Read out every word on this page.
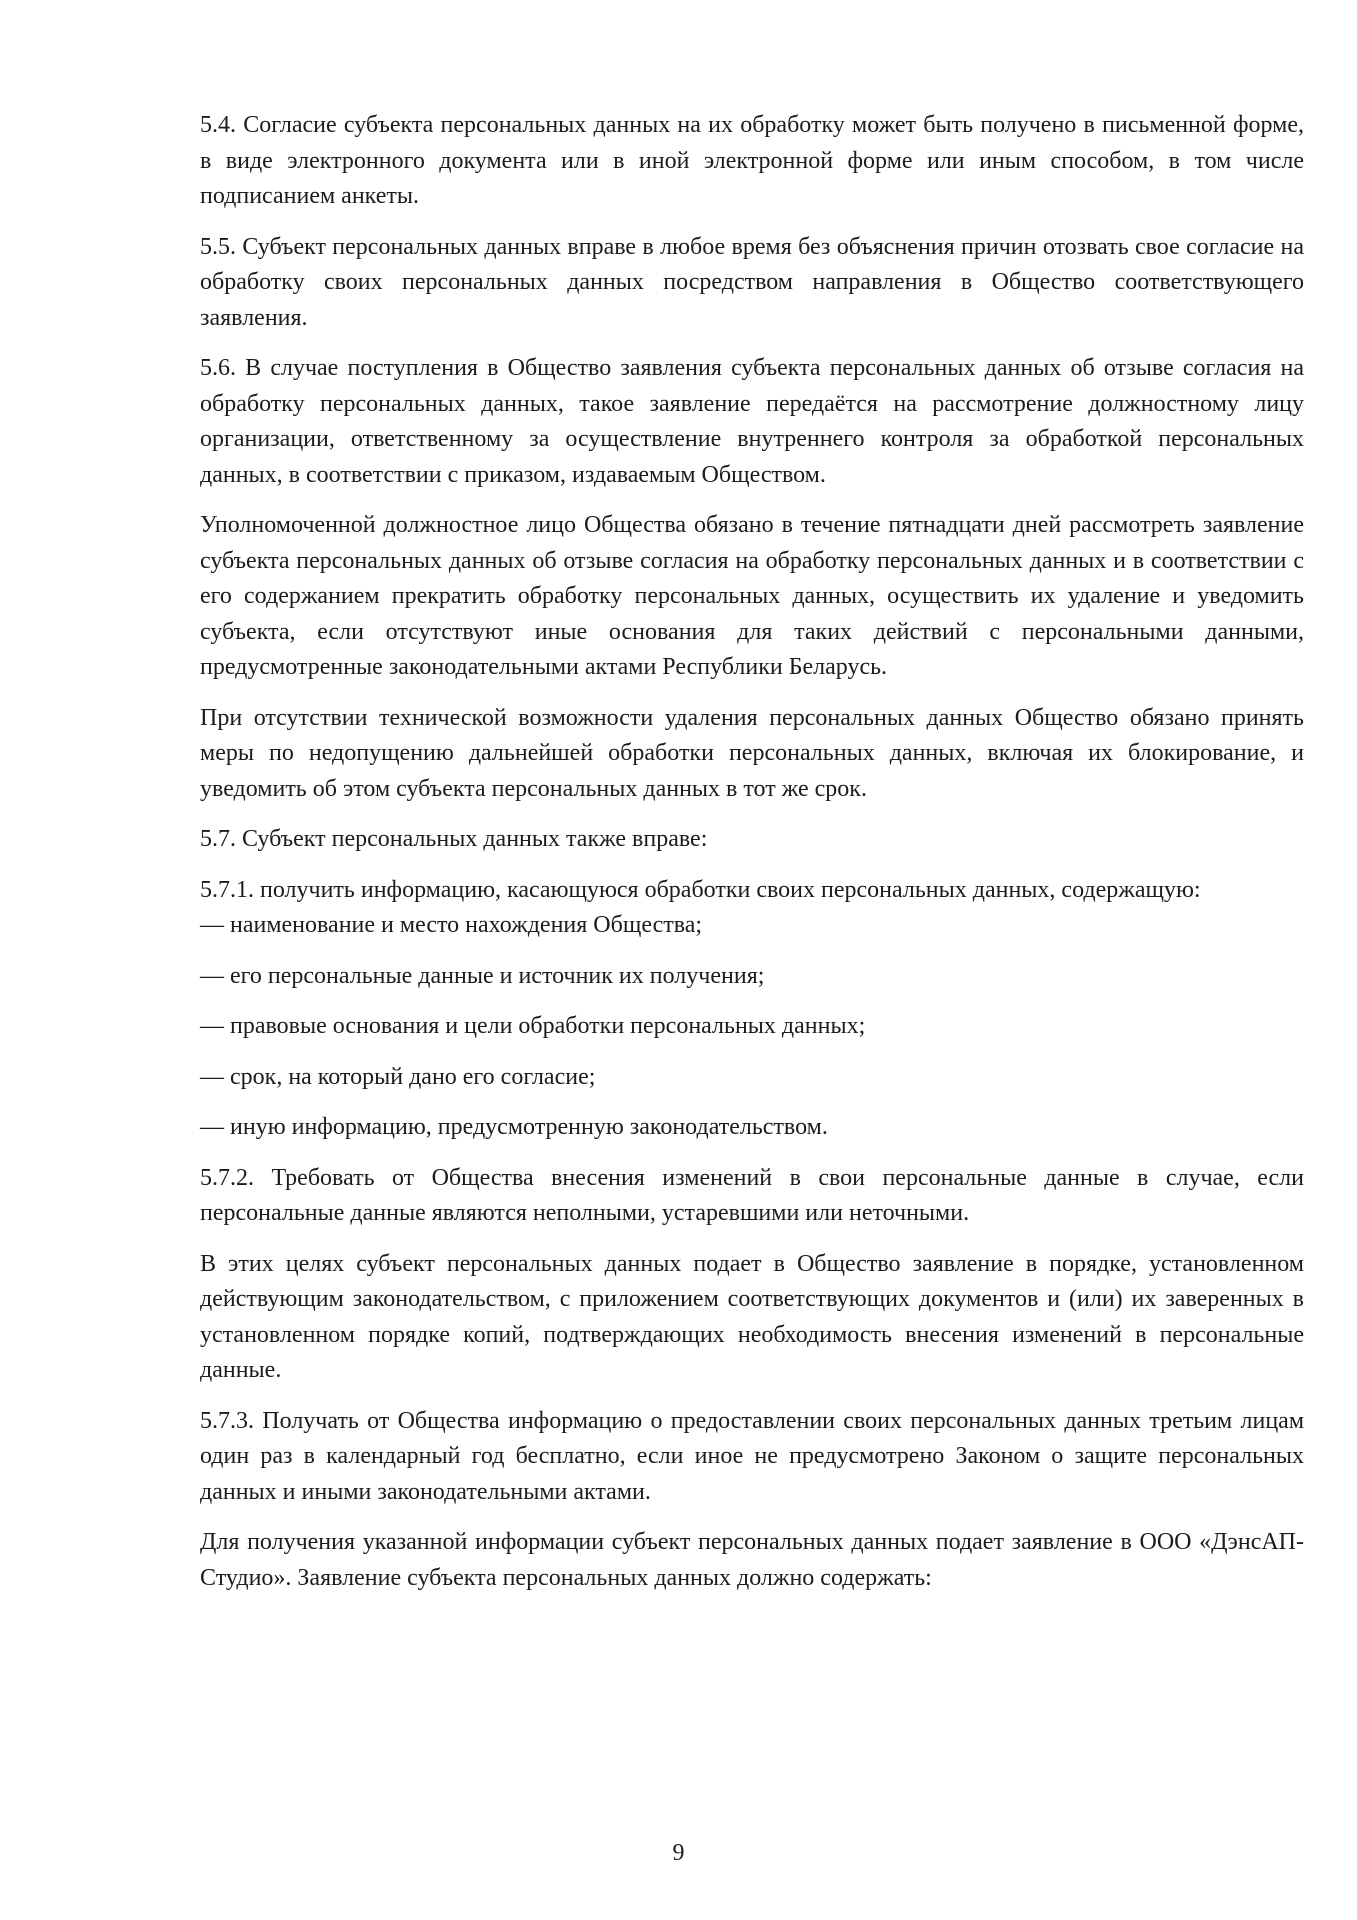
5.4. Согласие субъекта персональных данных на их обработку может быть получено в письменной форме, в виде электронного документа или в иной электронной форме или иным способом, в том числе подписанием анкеты.

5.5. Субъект персональных данных вправе в любое время без объяснения причин отозвать свое согласие на обработку своих персональных данных посредством направления в Общество соответствующего заявления.

5.6. В случае поступления в Общество заявления субъекта персональных данных об отзыве согласия на обработку персональных данных, такое заявление передаётся на рассмотрение должностному лицу организации, ответственному за осуществление внутреннего контроля за обработкой персональных данных, в соответствии с приказом, издаваемым Обществом.

Уполномоченной должностное лицо Общества обязано в течение пятнадцати дней рассмотреть заявление субъекта персональных данных об отзыве согласия на обработку персональных данных и в соответствии с его содержанием прекратить обработку персональных данных, осуществить их удаление и уведомить субъекта, если отсутствуют иные основания для таких действий с персональными данными, предусмотренные законодательными актами Республики Беларусь.

При отсутствии технической возможности удаления персональных данных Общество обязано принять меры по недопущению дальнейшей обработки персональных данных, включая их блокирование, и уведомить об этом субъекта персональных данных в тот же срок.

5.7. Субъект персональных данных также вправе:

5.7.1. получить информацию, касающуюся обработки своих персональных данных, содержащую:

— наименование и место нахождения Общества;

— его персональные данные и источник их получения;

— правовые основания и цели обработки персональных данных;

— срок, на который дано его согласие;

— иную информацию, предусмотренную законодательством.

5.7.2. Требовать от Общества внесения изменений в свои персональные данные в случае, если персональные данные являются неполными, устаревшими или неточными.

В этих целях субъект персональных данных подает в Общество заявление в порядке, установленном действующим законодательством, с приложением соответствующих документов и (или) их заверенных в установленном порядке копий, подтверждающих необходимость внесения изменений в персональные данные.

5.7.3. Получать от Общества информацию о предоставлении своих персональных данных третьим лицам один раз в календарный год бесплатно, если иное не предусмотрено Законом о защите персональных данных и иными законодательными актами.

Для получения указанной информации субъект персональных данных подает заявление в ООО «ДэнсАП-Студио». Заявление субъекта персональных данных должно содержать:

9
